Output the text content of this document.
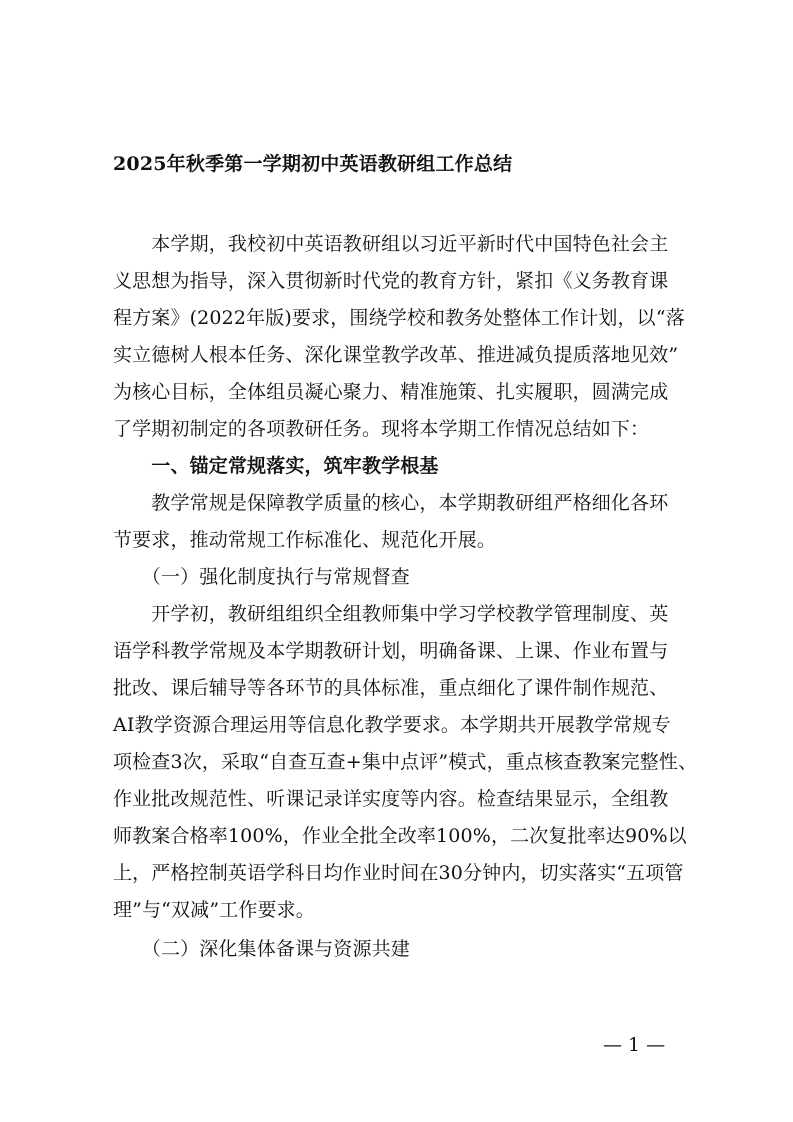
2025年秋季第一学期初中英语教研组工作总结
　　本学期，我校初中英语教研组以习近平新时代中国特色社会主
义思想为指导，深入贯彻新时代党的教育方针，紧扣《义务教育课
程方案》(2022年版)要求，围绕学校和教务处整体工作计划，以“落
实立德树人根本任务、深化课堂教学改革、推进减负提质落地见效”
为核心目标，全体组员凝心聚力、精准施策、扎实履职，圆满完成
了学期初制定的各项教研任务。现将本学期工作情况总结如下：
　　一、锚定常规落实，筑牢教学根基
　　教学常规是保障教学质量的核心，本学期教研组严格细化各环
节要求，推动常规工作标准化、规范化开展。
　　（一）强化制度执行与常规督查
　　开学初，教研组组织全组教师集中学习学校教学管理制度、英
语学科教学常规及本学期教研计划，明确备课、上课、作业布置与
批改、课后辅导等各环节的具体标准，重点细化了课件制作规范、
AI教学资源合理运用等信息化教学要求。本学期共开展教学常规专
项检查3次，采取“自查互查+集中点评”模式，重点核查教案完整性、
作业批改规范性、听课记录详实度等内容。检查结果显示，全组教
师教案合格率100%，作业全批全改率100%，二次复批率达90%以
上，严格控制英语学科日均作业时间在30分钟内，切实落实“五项管
理”与“双减”工作要求。
　　（二）深化集体备课与资源共建
— 1 —
